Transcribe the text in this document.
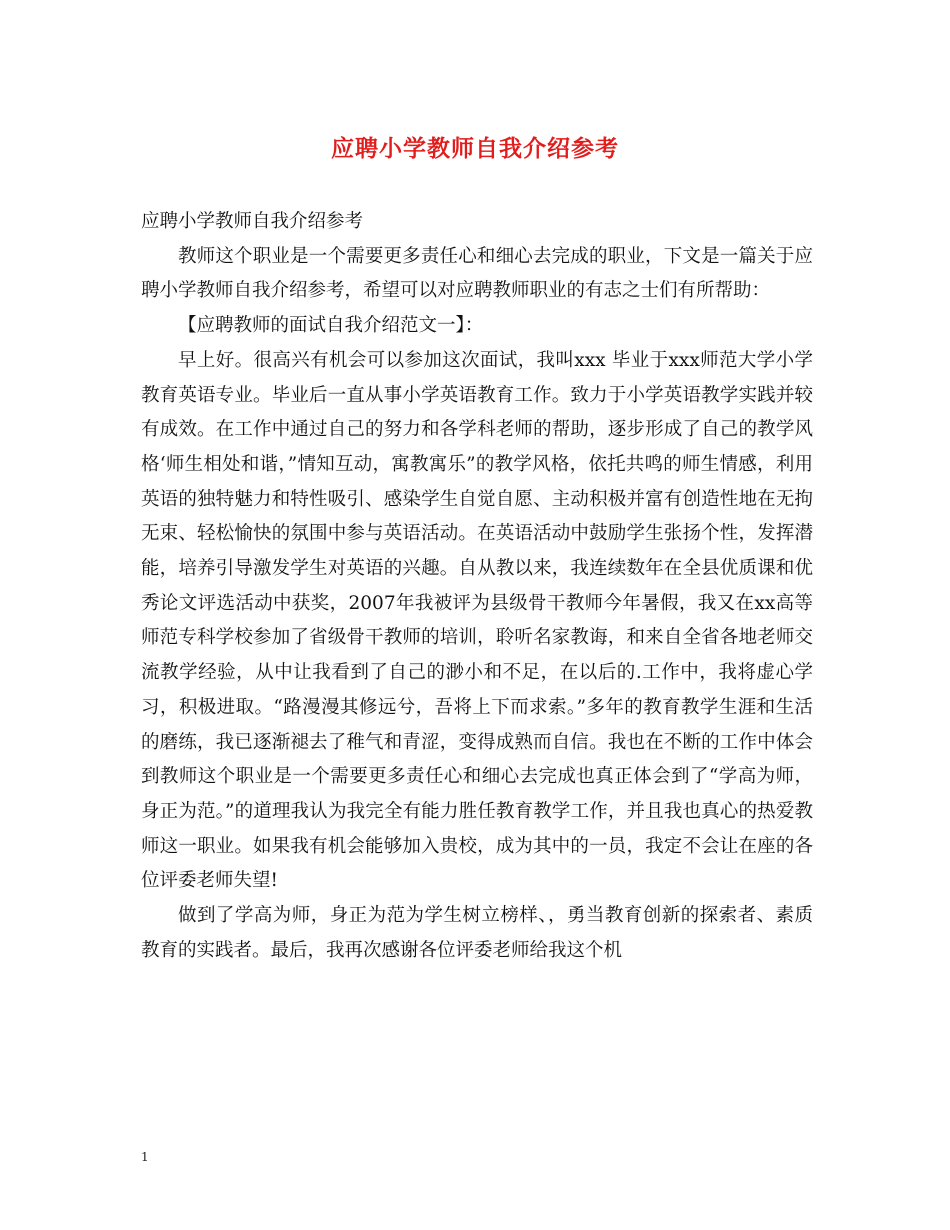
应聘小学教师自我介绍参考

应聘小学教师自我介绍参考

教师这个职业是一个需要更多责任心和细心去完成的职业，下文是一篇关于应聘小学教师自我介绍参考，希望可以对应聘教师职业的有志之士们有所帮助：

【应聘教师的面试自我介绍范文一】：

早上好。很高兴有机会可以参加这次面试，我叫xxx 毕业于xxx师范大学小学教育英语专业。毕业后一直从事小学英语教育工作。致力于小学英语教学实践并较有成效。在工作中通过自己的努力和各学科老师的帮助，逐步形成了自己的教学风格‘师生相处和谐，”情知互动，寓教寓乐”的教学风格，依托共鸣的师生情感，利用英语的独特魅力和特性吸引、感染学生自觉自愿、主动积极并富有创造性地在无拘无束、轻松愉快的氛围中参与英语活动。在英语活动中鼓励学生张扬个性，发挥潜能，培养引导激发学生对英语的兴趣。自从教以来，我连续数年在全县优质课和优秀论文评选活动中获奖，2007年我被评为县级骨干教师今年暑假，我又在xx高等师范专科学校参加了省级骨干教师的培训，聆听名家教诲，和来自全省各地老师交流教学经验，从中让我看到了自己的渺小和不足，在以后的.工作中，我将虚心学习，积极进取。“路漫漫其修远兮，吾将上下而求索。”多年的教育教学生涯和生活的磨练，我已逐渐褪去了稚气和青涩，变得成熟而自信。我也在不断的工作中体会到教师这个职业是一个需要更多责任心和细心去完成也真正体会到了“学高为师，身正为范。”的道理我认为我完全有能力胜任教育教学工作，并且我也真心的热爱教师这一职业。如果我有机会能够加入贵校，成为其中的一员，我定不会让在座的各位评委老师失望!

做到了学高为师，身正为范为学生树立榜样、，勇当教育创新的探索者、素质教育的实践者。最后，我再次感谢各位评委老师给我这个机

1
